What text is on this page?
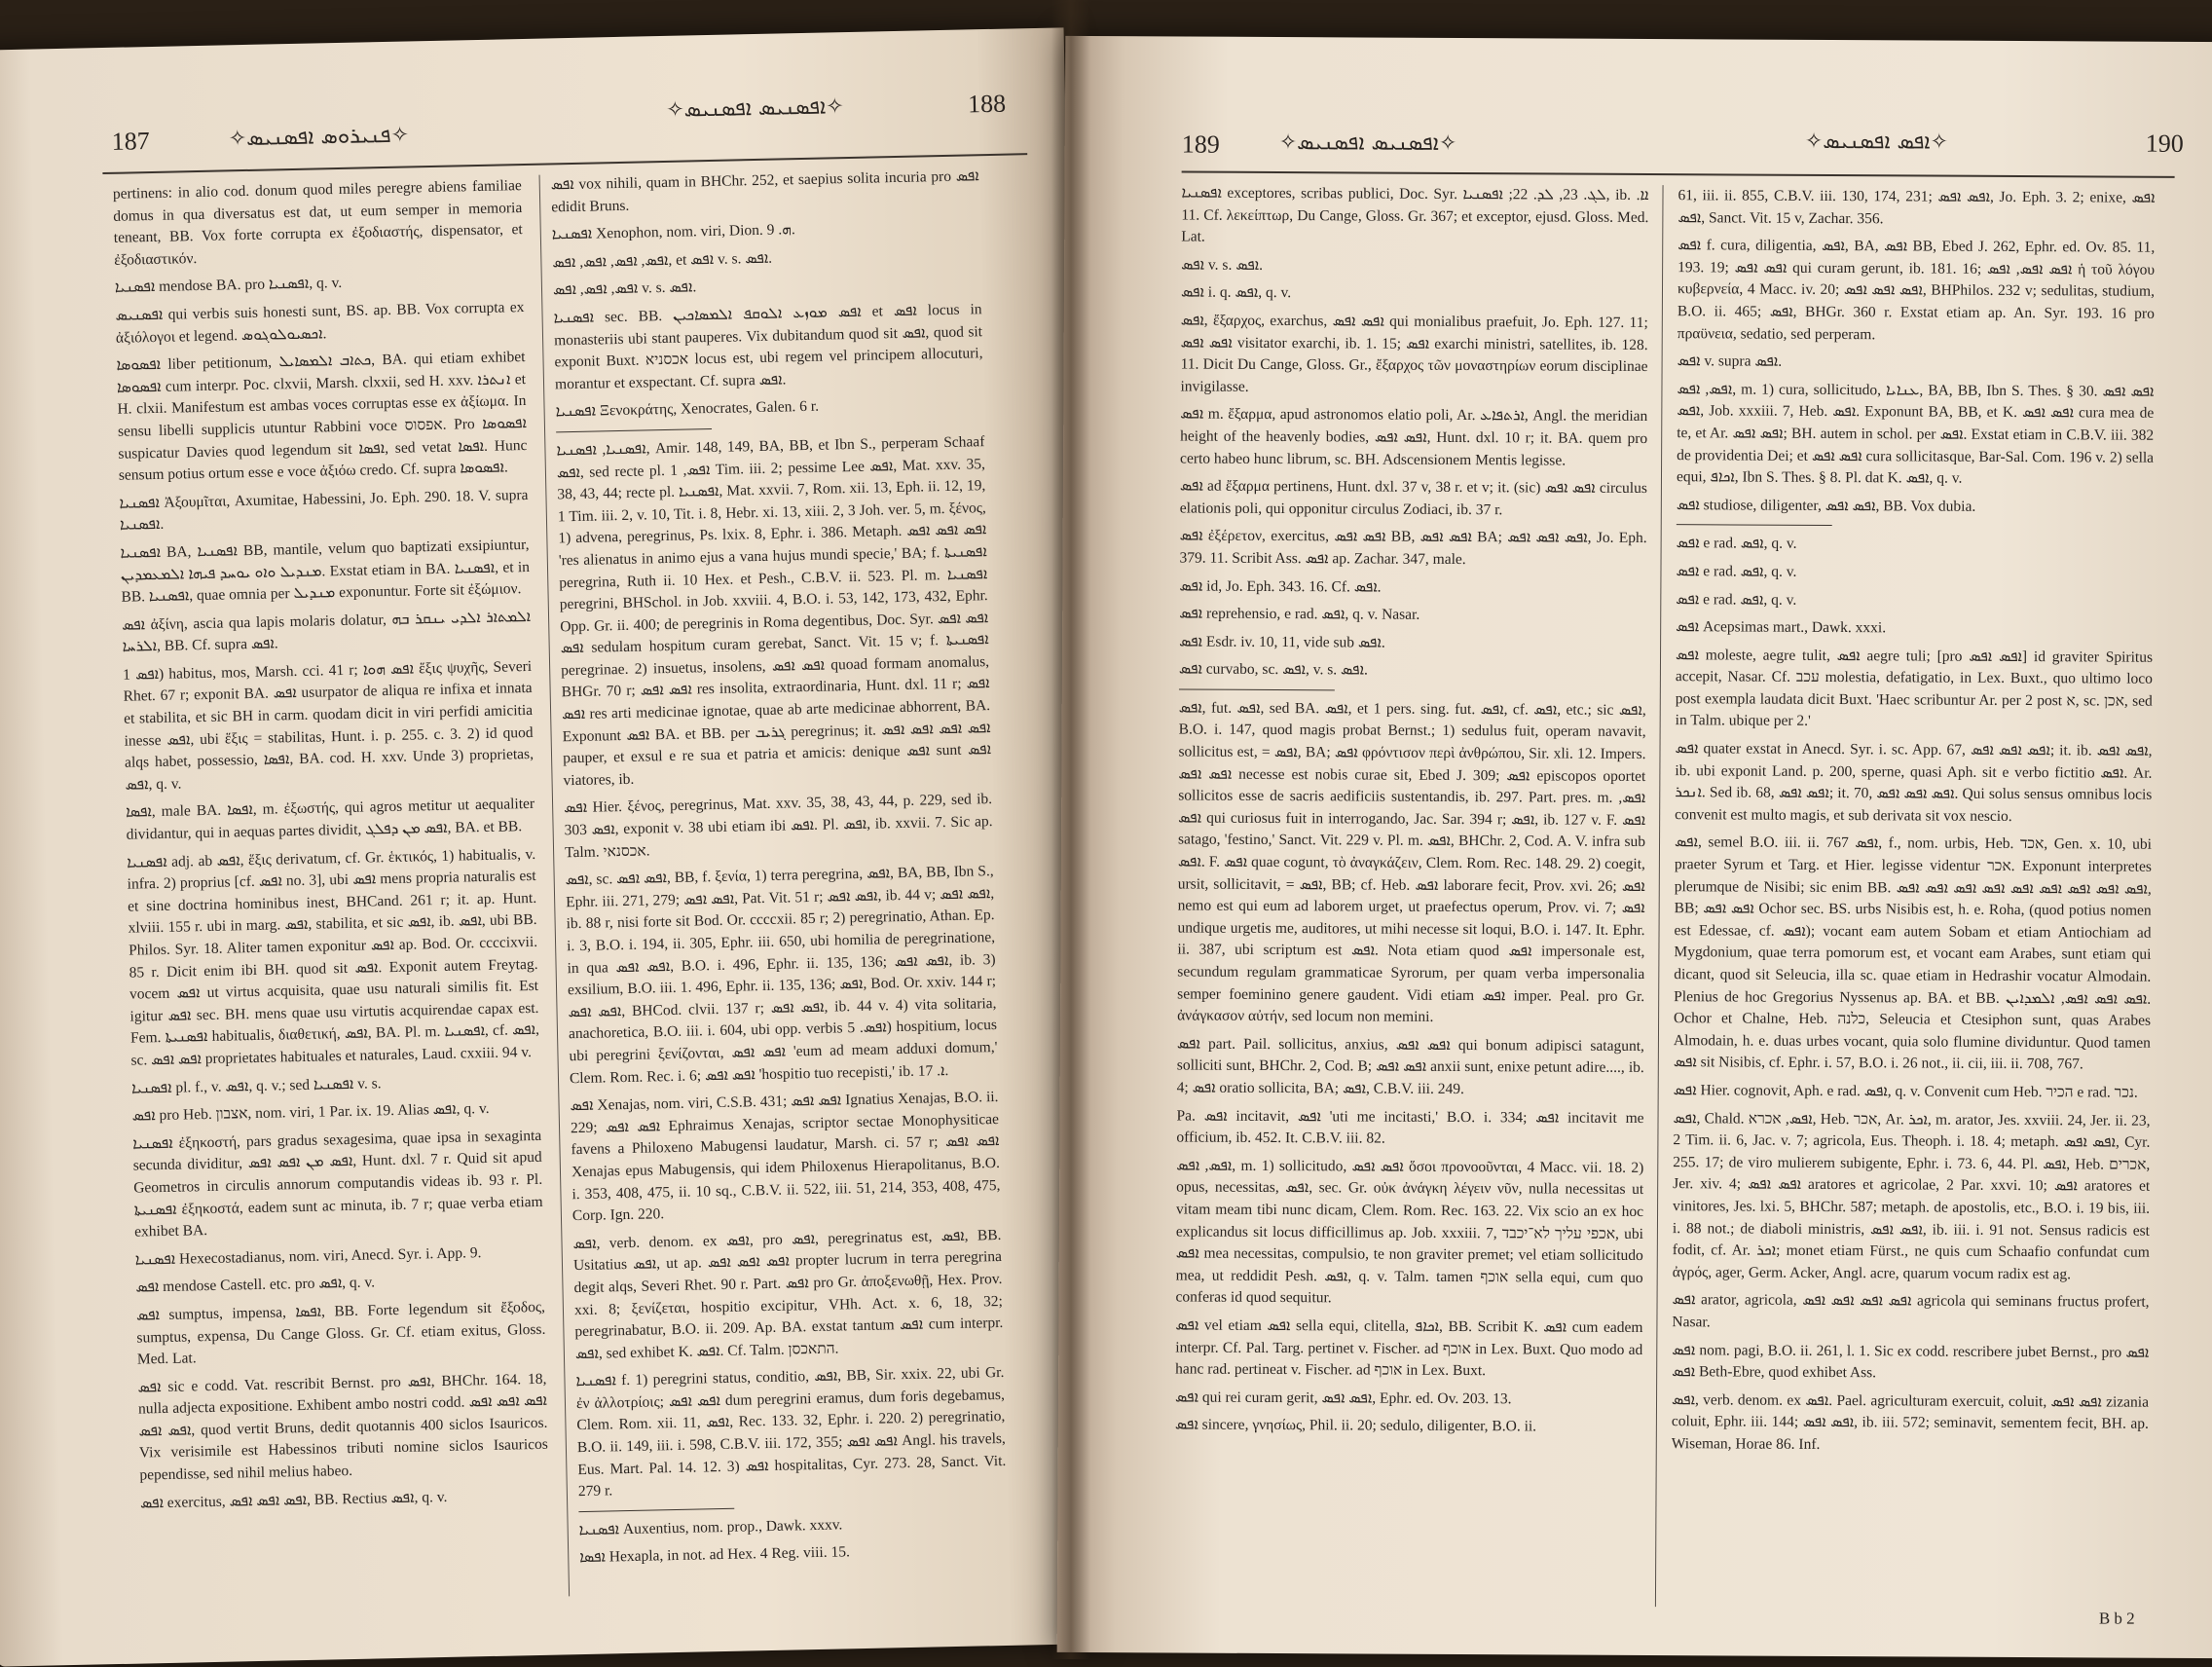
187	✧ܦܢܝܪܘܣ ܐܦܣܢܝܣ✧
✧ܐܦܣܢܝܣ ܐܦܣܢܝܣ✧	188

pertinens: in alio cod. donum quod miles peregre abiens familiae domus in qua diversatus est dat, ut eum semper in memoria teneant, BB. Vox forte corrupta ex ἐξοδιαστής, dispensator, et ἐξοδιαστικόν.

ܐܦܣܢܝܐ mendose BA. pro ܐܦܣܢܝܐ, q. v.

ܐܦܣܢܝܣ qui verbis suis honesti sunt, BS. ap. BB. Vox corrupta ex ἀξιόλογοι et legend. ܐܟܣܝܘܠܘܓܘܣ.

ܐܦܣܘܣܐ liber petitionum, ܟܬܐܒ ܐܠܡܣܐܝܠ, BA. qui etiam exhibet ܐܦܣܘܣܐ cum interpr. Poc. clxvii, Marsh. clxxii, sed H. xxv. ܐܢܬܪܐ et H. clxii. Manifestum est ambas voces corruptas esse ex ἀξίωμα. In sensu libelli supplicis utuntur Rabbini voce אפסוס. Pro ܐܦܣܘܣܐ suspicatur Davies quod legendum sit ܐܦܣܐ, sed vetat ܐܦܣܐ. Hunc sensum potius ortum esse e voce ἀξιόω credo. Cf. supra ܐܦܣܘܣܐ.

ܐܦܣܢܝܐ Ἀξουμῖται, Axumitae, Habessini, Jo. Eph. 290. 18. V. supra ܐܦܣܢܝܐ.

ܐܦܣܢܝܐ BA, ܐܦܣܢܝܐ BB, mantile, velum quo baptizati exsipiuntur, ܡܢܕܝܠ ܘܐܘ ܝܘܚܕ ܦܝܗܐ ܐܠܡܥܡܕܝܢ. Exstat etiam in BA. ܐܦܣܢܝܐ, et in BB. ܐܦܣܢܝܐ, quae omnia per ܡܢܕܝܠ exponuntur. Forte sit ἐξώμιον.

ܐܦܣ ἀξίνη, ascia qua lapis molaris dolatur, ܐܠܡܬܐܪ ܐܠܕܝ ܝܢܩܪ ܒܗ ܐܠܪܚܐ, BB. Cf. supra ܐܦܣ.

ܐܦܣ 1) habitus, mos, Marsh. cci. 41 r; ܐܦܣ ܗܘܐ ἕξις ψυχῆς, Severi Rhet. 67 r; exponit BA. ܐܦܣ usurpator de aliqua re infixa et innata et stabilita, et sic BH in carm. quodam dicit in viri perfidi amicitia inesse ܐܦܣ, ubi ἕξις = stabilitas, Hunt. i. p. 255. c. 3. 2) id quod alqs habet, possessio, ܐܦܣܐ, BA. cod. H. xxv. Unde 3) proprietas, ܐܦܣ, q. v.

ܐܦܣܐ, male BA. ܐܦܣܐ, m. ἐξωστής, qui agros metitur ut aequaliter dividantur, qui in aequas partes dividit, ܐܦܣ ܡܢ ܕܦܠܓ, BA. et BB.

ܐܦܣܢܝܐ adj. ab ܐܦܣ, ἕξις derivatum, cf. Gr. ἑκτικός, 1) habitualis, v. infra. 2) proprius [cf. ܐܦܣ no. 3], ubi ܐܦܣ mens propria naturalis est et sine doctrina hominibus inest, BHCand. 261 r; it. ap. Hunt. xlviii. 155 r. ubi in marg. ܐܦܣ, stabilita, et sic ܐܦܣ, ib. ܐܦܣ, ubi BB. Philos. Syr. 18. Aliter tamen exponitur ܐܦܣ ap. Bod. Or. ccccixvii. 85 r. Dicit enim ibi BH. quod sit ܐܦܣ. Exponit autem Freytag. vocem ܐܦܣ ut virtus acquisita, quae usu naturali similis fit. Est igitur ܐܦܣ sec. BH. mens quae usu virtutis acquirendae capax est. Fem. ܐܦܣܢܝܬܐ habitualis, διαθετική, ܐܦܣ, BA. Pl. m. ܐܦܣܢܝܐ, cf. ܐܦܣ, sc. ܐܦܣ ܐܦܣ proprietates habituales et naturales, Laud. cxxiii. 94 v.

ܐܦܣܢܝܐ pl. f., v. ܐܦܣ, q. v.; sed ܐܦܣܢܝܐ v. s.

ܐܦܣ pro Heb. אצבון, nom. viri, 1 Par. ix. 19. Alias ܐܦܣ, q. v.

ܐܦܣܢܝܐ ἐξηκοστή, pars gradus sexagesima, quae ipsa in sexaginta secunda dividitur, ܐܦܣ ܡܢ ܐܦܣ ܐܦܣ, Hunt. dxl. 7 r. Quid sit apud Geometros in circulis annorum computandis videas ib. 93 r. Pl. ܐܦܣܢܝܬܐ ἐξηκοστά, eadem sunt ac minuta, ib. 7 r; quae verba etiam exhibet BA.

ܐܦܣܢܝܐ Hexecostadianus, nom. viri, Anecd. Syr. i. App. 9.

ܐܦܣ mendose Castell. etc. pro ܐܦܣ, q. v.

ܐܦܣ sumptus, impensa, ܐܦܣܐ, BB. Forte legendum sit ἔξοδος, sumptus, expensa, Du Cange Gloss. Gr. Cf. etiam exitus, Gloss. Med. Lat.

ܐܦܣ sic e codd. Vat. rescribit Bernst. pro ܐܦܣ, BHChr. 164. 18, nulla adjecta expositione. Exhibent ambo nostri codd. ܐܦܣ ܐܦܣ ܐܦܣ ܐܦܣ ܐܦܣ, quod vertit Bruns, dedit quotannis 400 siclos Isauricos. Vix verisimile est Habessinos tributi nomine siclos Isauricos pependisse, sed nihil melius habeo.

ܐܦܣ exercitus, ܐܦܣ ܐܦܣ ܐܦܣ, BB. Rectius ܐܦܣ, q. v.

ܐܦܣ vox nihili, quam in BHChr. 252, et saepius solita incuria pro ܐܦܣ edidit Bruns.

ܐܦܣܢܝܐ Xenophon, nom. viri, Dion. ܗ. 9.

ܐܦܣ, ܐܦܣ, ܐܦܣ, ܐܦܣ, et ܐܦܣ v. s. ܐܦܣ.

ܐܦܣ, ܐܦܣ, ܐܦܣ v. s. ܐܦܣ.

ܐܦܣܢܝܐ sec. BB. ܐܦܣ ܡܘܙܥ ܐܠܘܩܦ ܐܠܡܣܐܟܝܢ et ܐܦܣ locus in monasteriis ubi stant pauperes. Vix dubitandum quod sit ܐܦܣ, quod sit exponit Buxt. אכסניא locus est, ubi regem vel principem allocuturi, morantur et exspectant. Cf. supra ܐܦܣ.

ܐܦܣܢܝܐ Ξενοκράτης, Xenocrates, Galen. 6 r.

ܐܦܣܢܝܐ, ܐܦܣܢܝܐ, Amir. 148, 149, BA, BB, et Ibn S., perperam Schaaf ܐܦܣ, sed recte pl. ܐܦܣ, 1 Tim. iii. 2; pessime Lee ܐܦܣ, Mat. xxv. 35, 38, 43, 44; recte pl. ܐܦܣܢܝܐ, Mat. xxvii. 7, Rom. xii. 13, Eph. ii. 12, 19, 1 Tim. iii. 2, v. 10, Tit. i. 8, Hebr. xi. 13, xiii. 2, 3 Joh. ver. 5, m. ξένος, 1) advena, peregrinus, Ps. lxix. 8, Ephr. i. 386. Metaph. ܐܦܣ ܐܦܣ ܐܦܣ 'res alienatus in animo ejus a vana hujus mundi specie,' BA; f. ܐܦܣܢܝܬܐ peregrina, Ruth ii. 10 Hex. et Pesh., C.B.V. ii. 523. Pl. m. ܐܦܣܢܝܐ peregrini, BHSchol. in Job. xxviii. 4, B.O. i. 53, 142, 173, 432, Ephr. Opp. Gr. ii. 400; de peregrinis in Roma degentibus, Doc. Syr. ܐܦܣ ܐܦܣ ܐܦܣ sedulam hospitum curam gerebat, Sanct. Vit. 15 v; f. ܐܦܣܢܝܬܐ peregrinae. 2) insuetus, insolens, ܐܦܣ ܐܦܣ quoad formam anomalus, BHGr. 70 r; ܐܦܣ ܐܦܣ res insolita, extraordinaria, Hunt. dxl. 11 r; ܐܦܣ ܐܦܣ res arti medicinae ignotae, quae ab arte medicinae abhorrent, BA. Exponunt ܐܦܣ BA. et BB. per ܓܪܝܒ peregrinus; it. ܐܦܣ ܐܦܣ ܐܦܣ ܐܦܣ pauper, et exsul e re sua et patria et amicis: denique ܐܦܣ sunt ܐܦܣ viatores, ib.

ܐܦܣ Hier. ξένος, peregrinus, Mat. xxv. 35, 38, 43, 44, p. 229, sed ib. 303 ܐܦܣ, exponit v. 38 ubi etiam ibi ܐܦܣ. Pl. ܐܦܣ, ib. xxvii. 7. Sic ap. Talm. אכסנאי.

ܐܦܣ, sc. ܐܦܣ ܐܦܣ, BB, f. ξενία, 1) terra peregrina, ܐܦܣ, BA, BB, Ibn S., Ephr. iii. 271, 279; ܐܦܣ ܐܦܣ, Pat. Vit. 51 r; ܐܦܣ ܐܦܣ, ib. 44 v; ܐܦܣ ܐܦܣ, ib. 88 r, nisi forte sit Bod. Or. ccccxii. 85 r; 2) peregrinatio, Athan. Ep. i. 3, B.O. i. 194, ii. 305, Ephr. iii. 650, ubi homilia de peregrinatione, in qua ܐܦܣ ܐܦܣ, B.O. i. 496, Ephr. ii. 135, 136; ܐܦܣ ܐܦܣ, ib. 3) exsilium, B.O. iii. 1. 496, Ephr. ii. 135, 136; ܐܦܣ, Bod. Or. xxiv. 144 r; ܐܦܣ ܐܦܣ, BHCod. clvii. 137 r; ܐܦܣ ܐܦܣ, ib. 44 v. 4) vita solitaria, anachoretica, B.O. iii. i. 604, ubi opp. verbis ܐܦܣ. 5) hospitium, locus ubi peregrini ξενίζονται, ܐܦܣ ܐܦܣ 'eum ad meam adduxi domum,' Clem. Rom. Rec. i. 6; ܐܦܣ ܐܦܣ 'hospitio tuo recepisti,' ib. ܐ. 17.

ܐܦܣ Xenajas, nom. viri, C.S.B. 431; ܐܦܣ ܐܦܣ Ignatius Xenajas, B.O. ii. 229; ܐܦܣ ܐܦܣ Ephraimus Xenajas, scriptor sectae Monophysiticae favens a Philoxeno Mabugensi laudatur, Marsh. ci. 57 r; ܐܦܣ ܐܦܣ Xenajas epus Mabugensis, qui idem Philoxenus Hierapolitanus, B.O. i. 353, 408, 475, ii. 10 sq., C.B.V. ii. 522, iii. 51, 214, 353, 408, 475, Corp. Ign. 220.

ܐܦܣ, verb. denom. ex ܐܦܣ, pro ܐܦܣ, peregrinatus est, ܐܦܣ, BB. Usitatius ܐܦܣ, ut ap. ܐܦܣ ܐܦܣ ܐܦܣ propter lucrum in terra peregrina degit alqs, Severi Rhet. 90 r. Part. ܐܦܣ pro Gr. ἀποξενωθῇ, Hex. Prov. xxi. 8; ξενίζεται, hospitio excipitur, VHh. Act. x. 6, 18, 32; peregrinabatur, B.O. ii. 209. Ap. BA. exstat tantum ܐܦܣ cum interpr. ܐܦܣ, sed exhibet K. ܐܦܣ. Cf. Talm. התאכסן.

ܐܦܣܢܝܐ f. 1) peregrini status, conditio, ܐܦܣ, BB, Sir. xxix. 22, ubi Gr. ἐν ἀλλοτρίοις; ܐܦܣ ܐܦܣ dum peregrini eramus, dum foris degebamus, Clem. Rom. xii. 11, ܐܦܣ, Rec. 133. 32, Ephr. i. 220. 2) peregrinatio, B.O. ii. 149, iii. i. 598, C.B.V. iii. 172, 355; ܐܦܣ ܐܦܣ Angl. his travels, Eus. Mart. Pal. 14. 12. 3) ܐܦܣ hospitalitas, Cyr. 273. 28, Sanct. Vit. 279 r.

ܐܦܣܢܝܐ Auxentius, nom. prop., Dawk. xxxv.

ܐܦܣܐ Hexapla, in not. ad Hex. 4 Reg. viii. 15.

189	✧ܐܦܣܢܝܣ ܐܦܣܢܝܣ✧	✧ܐܦܣ ܐܦܣܢܝܣ✧	190

ܐܦܣܢܝܐ exceptores, scribas publici, Doc. Syr. ܠܓ. 23, ܠܕ. 22; ܐܦܣܢܝܐ, ib. ܐܐ. 11. Cf. λεκείπτωρ, Du Cange, Gloss. Gr. 367; et exceptor, ejusd. Gloss. Med. Lat.

ܐܦܣ v. s. ܐܦܣ.

ܐܦܣ i. q. ܐܦܣ, q. v.

ܐܦܣ, ἔξαρχος, exarchus, ܐܦܣ ܐܦܣ qui monialibus praefuit, Jo. Eph. 127. 11; ܐܦܣ ܐܦܣ visitator exarchi, ib. 1. 15; ܐܦܣ exarchi ministri, satellites, ib. 128. 11. Dicit Du Cange, Gloss. Gr., ἔξαρχος τῶν μοναστηρίων eorum disciplinae invigilasse.

ܐܦܣ m. ἔξαρμα, apud astronomos elatio poli, Ar. ܐܪܬܦܐܥ, Angl. the meridian height of the heavenly bodies, ܐܦܣ ܐܦܣ, Hunt. dxl. 10 r; it. BA. quem pro certo habeo hunc librum, sc. BH. Adscensionem Mentis legisse.

ܐܦܣ ad ἔξαρμα pertinens, Hunt. dxl. 37 v, 38 r. et v; it. (sic) ܐܦܣ ܐܦܣ circulus elationis poli, qui opponitur circulus Zodiaci, ib. 37 r.

ܐܦܣ ἐξέρετον, exercitus, ܐܦܣ ܐܦܣ BB, ܐܦܣ ܐܦܣ BA; ܐܦܣ ܐܦܣ ܐܦܣ, Jo. Eph. 379. 11. Scribit Ass. ܐܦܣ ap. Zachar. 347, male.

ܐܦܣ id, Jo. Eph. 343. 16. Cf. ܐܦܣ.

ܐܦܣ reprehensio, e rad. ܐܦܣ, q. v. Nasar.

ܐܦܣ Esdr. iv. 10, 11, vide sub ܐܦܣ.

ܐܦܣ curvabo, sc. ܐܦܣ, v. s. ܐܦܣ.

ܐܦܣ, fut. ܐܦܣ, sed BA. ܐܦܣ, et 1 pers. sing. fut. ܐܦܣ, cf. ܐܦܣ, etc.; sic ܐܦܣ, B.O. i. 147, quod magis probat Bernst.; 1) sedulus fuit, operam navavit, sollicitus est, = ܐܦܣ, BA; ܐܦܣ φρόντισον περὶ ἀνθρώπου, Sir. xli. 12. Impers. ܐܦܣ ܐܦܣ necesse est nobis curae sit, Ebed J. 309; ܐܦܣ episcopos oportet sollicitos esse de sacris aedificiis sustentandis, ib. 297. Part. pres. m. ܐܦܣ, ܐܦܣ qui curiosus fuit in interrogando, Jac. Sar. 394 r; ܐܦܣ, ib. 127 v. F. ܐܦܣ satago, 'festino,' Sanct. Vit. 229 v. Pl. m. ܐܦܣ, BHChr. 2, Cod. A. V. infra sub ܐܦܣ. F. ܐܦܣ quae cogunt, τὸ ἀναγκάζειν, Clem. Rom. Rec. 148. 29. 2) coegit, ursit, sollicitavit, = ܐܦܣ, BB; cf. Heb. ܐܦܣ laborare fecit, Prov. xvi. 26; ܐܦܣ nemo est qui eum ad laborem urget, ut praefectus operum, Prov. vi. 7; ܐܦܣ undique urgetis me, auditores, ut mihi necesse sit loqui, B.O. i. 147. It. Ephr. ii. 387, ubi scriptum est ܐܦܣ. Nota etiam quod ܐܦܣ impersonale est, secundum regulam grammaticae Syrorum, per quam verba impersonalia semper foeminino genere gaudent. Vidi etiam ܐܦܣ imper. Peal. pro Gr. ἀνάγκασον αὐτήν, sed locum non memini.

ܐܦܣ part. Pail. sollicitus, anxius, ܐܦܣ ܐܦܣ qui bonum adipisci satagunt, solliciti sunt, BHChr. 2, Cod. B; ܐܦܣ ܐܦܣ anxii sunt, enixe petunt adire...., ib. 4; ܐܦܣ oratio sollicita, BA; ܐܦܣ, C.B.V. iii. 249.

Pa. ܐܦܣ incitavit, ܐܦܣ 'uti me incitasti,' B.O. i. 334; ܐܦܣ incitavit me officium, ib. 452. It. C.B.V. iii. 82.

ܐܦܣ, ܐܦܣ, m. 1) sollicitudo, ܐܦܣ ܐܦܣ ὅσοι προνοοῦνται, 4 Macc. vii. 18. 2) opus, necessitas, ܐܦܣ, sec. Gr. οὐκ ἀνάγκη λέγειν νῦν, nulla necessitas ut vitam meam tibi nunc dicam, Clem. Rom. Rec. 163. 22. Vix scio an ex hoc explicandus sit locus difficillimus ap. Job. xxxiii. 7, אכפי עליך לא־יכבד, ubi ܐܦܣ mea necessitas, compulsio, te non graviter premet; vel etiam sollicitudo mea, ut reddidit Pesh. ܐܦܣ, q. v. Talm. tamen אוכף sella equi, cum quo conferas id quod sequitur.

ܐܦܣ vel etiam ܐܦܣ sella equi, clitella, ܐܟܐܦ, BB. Scribit K. ܐܦܣ cum eadem interpr. Cf. Pal. Targ. pertinet v. Fischer. ad אוכף in Lex. Buxt. Quo modo ad hanc rad. pertineat v. Fischer. ad אוכף in Lex. Buxt.

ܐܦܣ qui rei curam gerit, ܐܦܣ ܐܦܣ, Ephr. ed. Ov. 203. 13.

ܐܦܣ sincere, γνησίως, Phil. ii. 20; sedulo, diligenter, B.O. ii.

61, iii. ii. 855, C.B.V. iii. 130, 174, 231; ܐܦܣ ܐܦܣ, Jo. Eph. 3. 2; enixe, ܐܦܣ ܐܦܣ, Sanct. Vit. 15 v, Zachar. 356.

ܐܦܣ f. cura, diligentia, ܐܦܣ, BA, ܐܦܣ BB, Ebed J. 262, Ephr. ed. Ov. 85. 11, 193. 19; ܐܦܣ ܐܦܣ qui curam gerunt, ib. 181. 16; ܐܦܣ ܐܦܣ, ܐܦܣ ἡ τοῦ λόγου κυβερνεία, 4 Macc. iv. 20; ܐܦܣ ܐܦܣ ܐܦܣ, BHPhilos. 232 v; sedulitas, studium, B.O. ii. 465; ܐܦܣ, BHGr. 360 r. Exstat etiam ap. An. Syr. 193. 16 pro πραϋνεια, sedatio, sed perperam.

ܐܦܣ v. supra ܐܦܣ.

ܐܦܣ, ܐܦܣ, m. 1) cura, sollicitudo, ܥܢܐܝܐ, BA, BB, Ibn S. Thes. § 30. ܐܦܣ ܐܦܣ ܐܦܣ, Job. xxxiii. 7, Heb. ܐܦܣ. Exponunt BA, BB, et K. ܐܦܣ ܐܦܣ cura mea de te, et Ar. ܐܦܣ ܐܦܣ; BH. autem in schol. per ܐܦܣ. Exstat etiam in C.B.V. iii. 382 de providentia Dei; et ܐܦܣ ܐܦܣ cura sollicitasque, Bar-Sal. Com. 196 v. 2) sella equi, ܐܟܐܦ, Ibn S. Thes. § 8. Pl. dat K. ܐܦܣ, q. v.

ܐܦܣ studiose, diligenter, ܐܦܣ ܐܦܣ, BB. Vox dubia.

ܐܦܣ e rad. ܐܦܣ, q. v.

ܐܦܣ e rad. ܐܦܣ, q. v.

ܐܦܣ e rad. ܐܦܣ, q. v.

ܐܦܣ Acepsimas mart., Dawk. xxxi.

ܐܦܣ moleste, aegre tulit, ܐܦܣ aegre tuli; [pro ܐܦܣ ܐܦܣ] id graviter Spiritus accepit, Nasar. Cf. עכב molestia, defatigatio, in Lex. Buxt., quo ultimo loco post exempla laudata dicit Buxt. 'Haec scribuntur Ar. per 2 post א, sc. אכן, sed in Talm. ubique per 2.'

ܐܦܣ quater exstat in Anecd. Syr. i. sc. App. 67, ܐܦܣ ܐܦܣ ܐܦܣ; it. ib. ܐܦܣ ܐܦܣ, ib. ubi exponit Land. p. 200, sperne, quasi Aph. sit e verbo fictitio ܐܦܣ. Ar. ܐܢܟܪ. Sed ib. 68, ܐܦܣ ܐܦܣ; it. 70, ܐܦܣ ܐܦܣ ܐܦܣ. Qui solus sensus omnibus locis convenit est multo magis, et sub derivata sit vox nescio.

ܐܦܣ, semel B.O. iii. ii. 767 ܐܦܣ, f., nom. urbis, Heb. אכד, Gen. x. 10, ubi praeter Syrum et Targ. et Hier. legisse videntur אכר. Exponunt interpretes plerumque de Nisibi; sic enim BB. ܐܦܣ ܐܦܣ ܐܦܣ ܐܦܣ ܐܦܣ ܐܦܣ ܐܦܣ ܐܦܣ ܐܦܣ, BB; ܐܦܣ ܐܦܣ Ochor sec. BS. urbs Nisibis est, h. e. Roha, (quod potius nomen est Edessae, cf. ܐܦܣ); vocant eam autem Sobam et etiam Antiochiam ad Mygdonium, quae terra pomorum est, et vocant eam Arabes, sunt etiam qui dicant, quod sit Seleucia, illa sc. quae etiam in Hedrashir vocatur Almodain. Plenius de hoc Gregorius Nyssenus ap. BA. et BB. ܐܦܣ ܐܦܣ ܐܦܣ, ܐܠܡܕܐܝܢ. Ochor et Chalne, Heb. כלנה, Seleucia et Ctesiphon sunt, quas Arabes Almodain, h. e. duas urbes vocant, quia solo flumine dividuntur. Quod tamen ܐܦܣ sit Nisibis, cf. Ephr. i. 57, B.O. i. 26 not., ii. cii, iii. ii. 708, 767.

ܐܦܣ Hier. cognovit, Aph. e rad. ܐܦܣ, q. v. Convenit cum Heb. הכיר e rad. נכר.

ܐܦܣ, Chald. ܐܦܣ, אכרא, Heb. אכר, Ar. ܐܟܪ, m. arator, Jes. xxviii. 24, Jer. ii. 23, 2 Tim. ii. 6, Jac. v. 7; agricola, Eus. Theoph. i. 18. 4; metaph. ܐܦܣ ܐܦܣ, Cyr. 255. 17; de viro mulierem subigente, Ephr. i. 73. 6, 44. Pl. ܐܦܣ, Heb. אכרים, Jer. xiv. 4; ܐܦܣ ܐܦܣ aratores et agricolae, 2 Par. xxvi. 10; ܐܦܣ aratores et vinitores, Jes. lxi. 5, BHChr. 587; metaph. de apostolis, etc., B.O. i. 19 bis, iii. i. 88 not.; de diaboli ministris, ܐܦܣ ܐܦܣ, ib. iii. i. 91 not. Sensus radicis est fodit, cf. Ar. ܐܟܪ; monet etiam Fürst., ne quis cum Schaafio confundat cum ἀγρός, ager, Germ. Acker, Angl. acre, quarum vocum radix est ag.

ܐܦܣ arator, agricola, ܐܦܣ ܐܦܣ ܐܦܣ ܐܦܣ agricola qui seminans fructus profert, Nasar.

ܐܦܣ nom. pagi, B.O. ii. 261, l. 1. Sic ex codd. rescribere jubet Bernst., pro ܐܦܣ ܐܦܣ Beth-Ebre, quod exhibet Ass.

ܐܦܣ, verb. denom. ex ܐܦܣ. Pael. agriculturam exercuit, coluit, ܐܦܣ ܐܦܣ zizania coluit, Ephr. iii. 144; ܐܦܣ ܐܦܣ, ib. iii. 572; seminavit, sementem fecit, BH. ap. Wiseman, Horae 86. Inf.

B b 2
